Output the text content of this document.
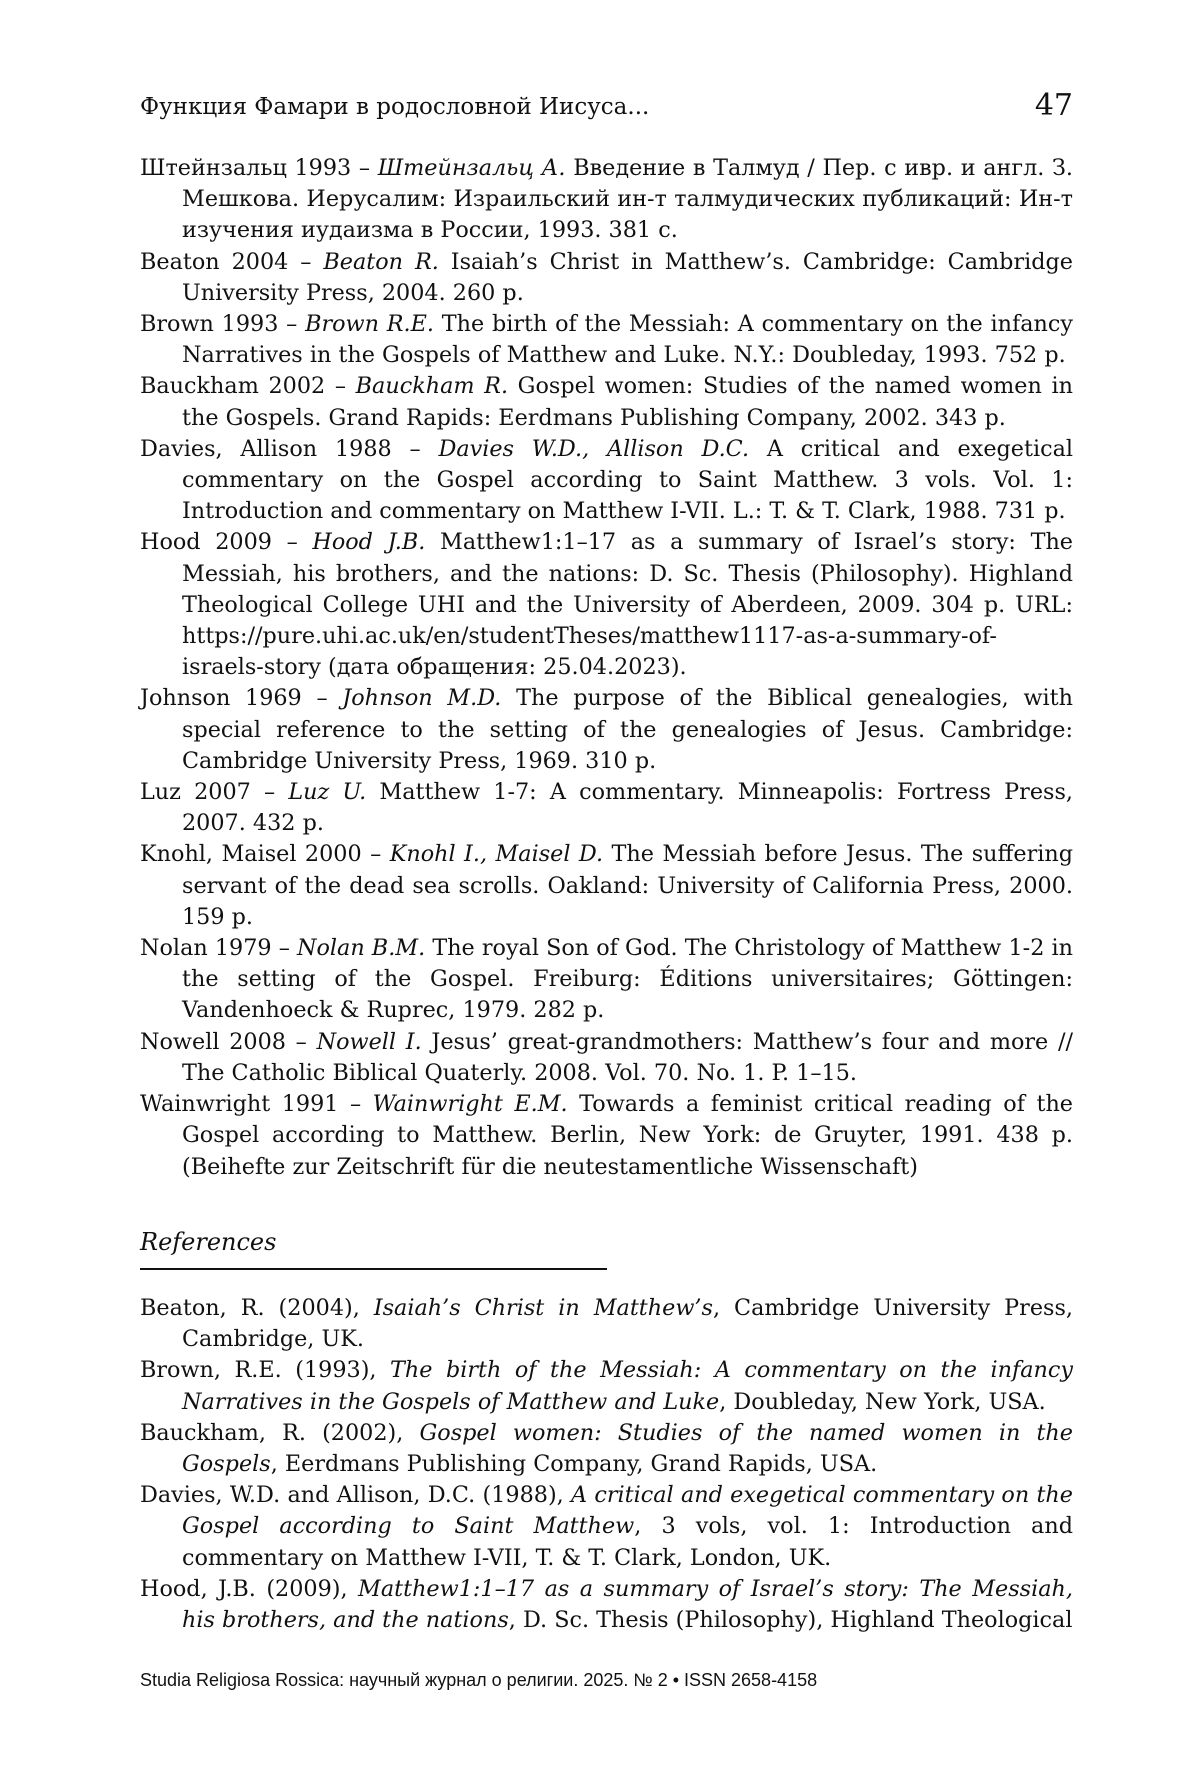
Функция Фамари в родословной Иисуса...	47

Штейнзальц 1993 – Штейнзальц А. Введение в Талмуд / Пер. с ивр. и англ. З. Мешкова. Иерусалим: Израильский ин-т талмудических публикаций: Ин-т изучения иудаизма в России, 1993. 381 с.

Beaton 2004 – Beaton R. Isaiah’s Christ in Matthew’s. Cambridge: Cambridge University Press, 2004. 260 p.

Brown 1993 – Brown R.E. The birth of the Messiah: A commentary on the infancy Narratives in the Gospels of Matthew and Luke. N.Y.: Doubleday, 1993. 752 p.

Bauckham 2002 – Bauckham R. Gospel women: Studies of the named women in the Gospels. Grand Rapids: Eerdmans Publishing Company, 2002. 343 p.

Davies, Allison 1988 – Davies W.D., Allison D.C. A critical and exegetical commentary on the Gospel according to Saint Matthew. 3 vols. Vol. 1: Introduction and commentary on Matthew I-VII. L.: T. & T. Clark, 1988. 731 p.

Hood 2009 – Hood J.B. Matthew1:1–17 as a summary of Israel’s story: The Messiah, his brothers, and the nations: D. Sc. Thesis (Philosophy). Highland Theological College UHI and the University of Aberdeen, 2009. 304 p. URL: https://pure.uhi.ac.uk/en/studentTheses/matthew1117-as-a-summary-of-israels-story (дата обращения: 25.04.2023).

Johnson 1969 – Johnson M.D. The purpose of the Biblical genealogies, with special reference to the setting of the genealogies of Jesus. Cambridge: Cambridge University Press, 1969. 310 p.

Luz 2007 – Luz U. Matthew 1-7: A commentary. Minneapolis: Fortress Press, 2007. 432 p.

Knohl, Maisel 2000 – Knohl I., Maisel D. The Messiah before Jesus. The suffering servant of the dead sea scrolls. Oakland: University of California Press, 2000. 159 p.

Nolan 1979 – Nolan B.M. The royal Son of God. The Christology of Matthew 1-2 in the setting of the Gospel. Freiburg: Éditions universitaires; Göttingen: Vandenhoeck & Ruprec, 1979. 282 p.

Nowell 2008 – Nowell I. Jesus’ great-grandmothers: Matthew’s four and more // The Catholic Biblical Quaterly. 2008. Vol. 70. No. 1. P. 1–15.

Wainwright 1991 – Wainwright E.M. Towards a feminist critical reading of the Gospel according to Matthew. Berlin, New York: de Gruyter, 1991. 438 p. (Beihefte zur Zeitschrift für die neutestamentliche Wissenschaft)

References

Beaton, R. (2004), Isaiah’s Christ in Matthew’s, Cambridge University Press, Cambridge, UK.

Brown, R.E. (1993), The birth of the Messiah: A commentary on the infancy Narratives in the Gospels of Matthew and Luke, Doubleday, New York, USA.

Bauckham, R. (2002), Gospel women: Studies of the named women in the Gospels, Eerdmans Publishing Company, Grand Rapids, USA.

Davies, W.D. and Allison, D.C. (1988), A critical and exegetical commentary on the Gospel according to Saint Matthew, 3 vols, vol. 1: Introduction and commentary on Matthew I-VII, T. & T. Clark, London, UK.

Hood, J.B. (2009), Matthew1:1–17 as a summary of Israel’s story: The Messiah, his brothers, and the nations, D. Sc. Thesis (Philosophy), Highland Theological

Studia Religiosa Rossica: научный журнал о религии. 2025. № 2 • ISSN 2658-4158
